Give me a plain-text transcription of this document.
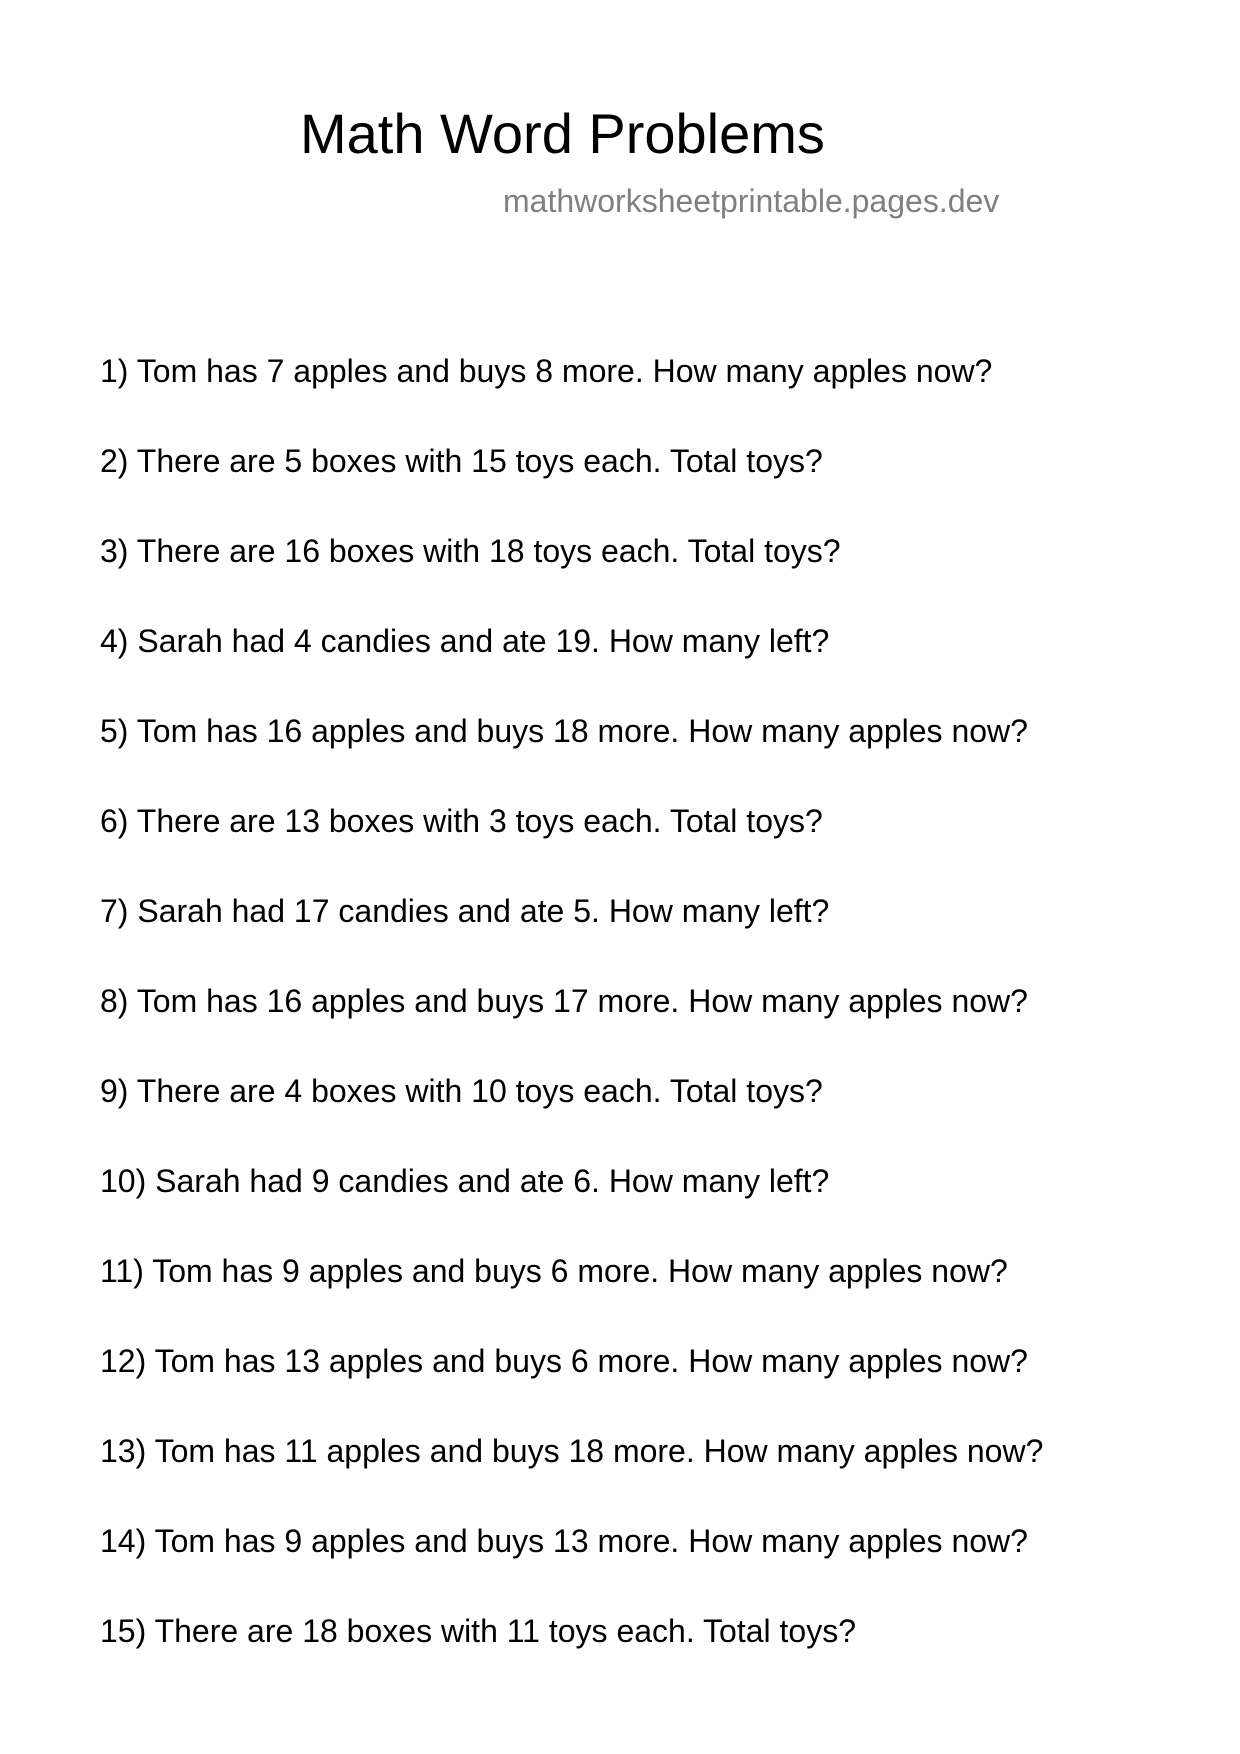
Math Word Problems
mathworksheetprintable.pages.dev
1) Tom has 7 apples and buys 8 more. How many apples now?
2) There are 5 boxes with 15 toys each. Total toys?
3) There are 16 boxes with 18 toys each. Total toys?
4) Sarah had 4 candies and ate 19. How many left?
5) Tom has 16 apples and buys 18 more. How many apples now?
6) There are 13 boxes with 3 toys each. Total toys?
7) Sarah had 17 candies and ate 5. How many left?
8) Tom has 16 apples and buys 17 more. How many apples now?
9) There are 4 boxes with 10 toys each. Total toys?
10) Sarah had 9 candies and ate 6. How many left?
11) Tom has 9 apples and buys 6 more. How many apples now?
12) Tom has 13 apples and buys 6 more. How many apples now?
13) Tom has 11 apples and buys 18 more. How many apples now?
14) Tom has 9 apples and buys 13 more. How many apples now?
15) There are 18 boxes with 11 toys each. Total toys?
